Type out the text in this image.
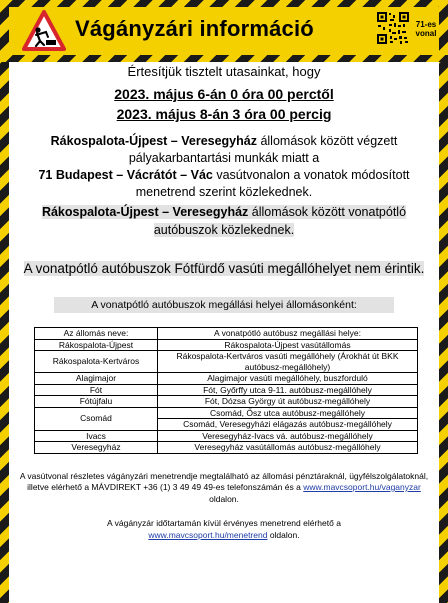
Vágányzári információ	71-es
vonal

Értesítjük tisztelt utasainkat, hogy

2023. május 6-án 0 óra 00 perctől

2023. május 8-án 3 óra 00 percig

Rákospalota-Újpest – Veresegyház állomások között végzett pályakarbantartási munkák miatt a
71 Budapest – Vácrátót – Vác vasútvonalon a vonatok módosított menetrend szerint közlekednek.

Rákospalota-Újpest – Veresegyház állomások között vonatpótló autóbuszok közlekednek.

A vonatpótló autóbuszok Fótfürdő vasúti megállóhelyet nem érintik.

A vonatpótló autóbuszok megállási helyei állomásonként:
Az állomás neve:	A vonatpótló autóbusz megállási helye:
Rákospalota-Újpest	Rákospalota-Újpest vasútállomás
Rákospalota-Kertváros	Rákospalota-Kertváros vasúti megállóhely (Árokhát út BKK autóbusz-megállóhely)
Alagimajor	Alagimajor vasúti megállóhely, buszforduló
Fót	Fót, Győrffy utca 9-11. autóbusz-megállóhely
Fótújfalu	Fót, Dózsa György út autóbusz-megállóhely
Csomád	Csomád, Ősz utca autóbusz-megállóhely
	Csomád, Veresegyházi elágazás autóbusz-megállóhely
Ivacs	Veresegyház-Ivacs vá. autóbusz-megállóhely
Veresegyház	Veresegyház vasútállomás autóbusz-megállóhely

A vasútvonal részletes vágányzári menetrendje megtalálható az állomási pénztáraknál, ügyfélszolgálatoknál, illetve elérhető a MÁVDIREKT +36 (1) 3 49 49 49-es telefonszámán és a www.mavcsoport.hu/vaganyzar oldalon.

A vágányzár időtartamán kívül érvényes menetrend elérhető a
www.mavcsoport.hu/menetrend oldalon.
